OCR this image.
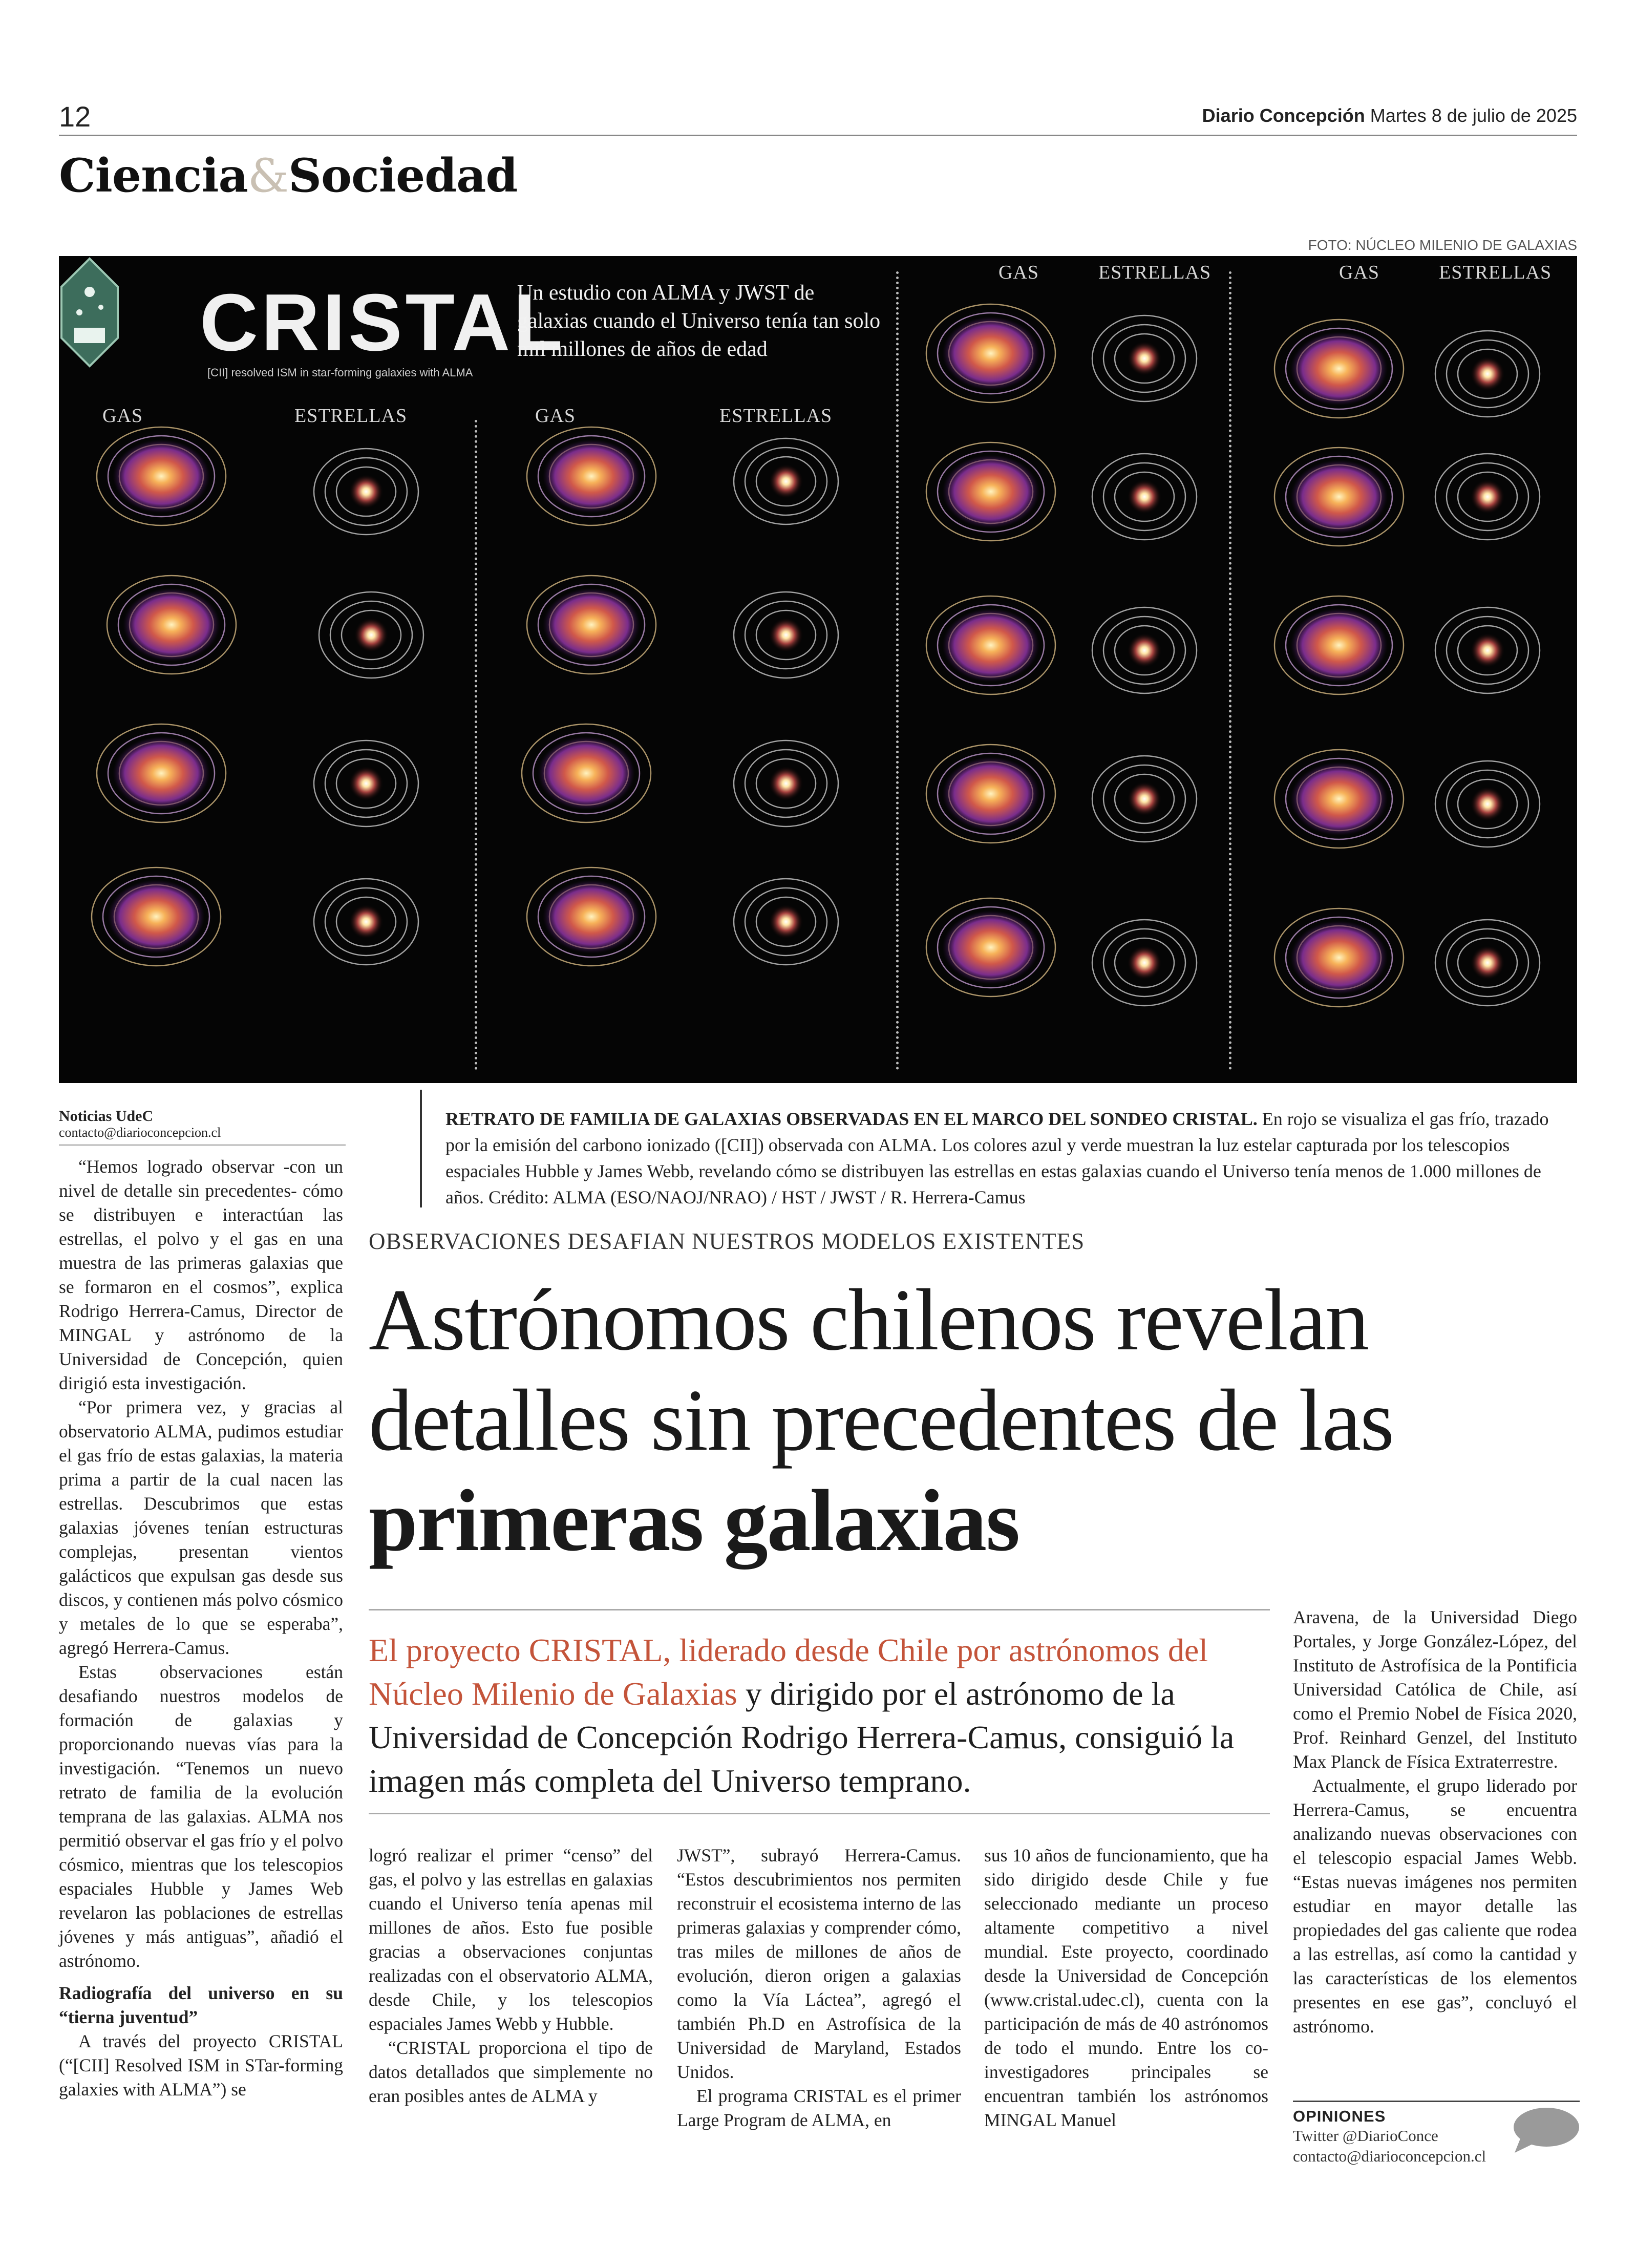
12	Diario Concepción Martes 8 de julio de 2025
Ciencia&Sociedad
FOTO: NÚCLEO MILENIO DE GALAXIAS
CRISTAL
[CII] resolved ISM in star-forming galaxies with ALMA
Un estudio con ALMA y JWST de galaxias cuando el Universo tenía tan solo mil millones de años de edad
GAS	ESTRELLAS	GAS	ESTRELLAS
GAS	ESTRELLAS	GAS	ESTRELLAS
Noticias UdeC
contacto@diarioconcepcion.cl
RETRATO DE FAMILIA DE GALAXIAS OBSERVADAS EN EL MARCO DEL SONDEO CRISTAL. En rojo se visualiza el gas frío, trazado por la emisión del carbono ionizado ([CII]) observada con ALMA. Los colores azul y verde muestran la luz estelar capturada por los telescopios espaciales Hubble y James Webb, revelando cómo se distribuyen las estrellas en estas galaxias cuando el Universo tenía menos de 1.000 millones de años. Crédito: ALMA (ESO/NAOJ/NRAO) / HST / JWST / R. Herrera-Camus

“Hemos logrado observar -con un nivel de detalle sin precedentes- cómo se distribuyen e interactúan las estrellas, el polvo y el gas en una muestra de las primeras galaxias que se formaron en el cosmos”, explica Rodrigo Herrera-Camus, Director de MINGAL y astrónomo de la Universidad de Concepción, quien dirigió esta investigación.

“Por primera vez, y gracias al observatorio ALMA, pudimos estudiar el gas frío de estas galaxias, la materia prima a partir de la cual nacen las estrellas. Descubrimos que estas galaxias jóvenes tenían estructuras complejas, presentan vientos galácticos que expulsan gas desde sus discos, y contienen más polvo cósmico y metales de lo que se esperaba”, agregó Herrera-Camus.

Estas observaciones están desafiando nuestros modelos de formación de galaxias y proporcionando nuevas vías para la investigación. “Tenemos un nuevo retrato de familia de la evolución temprana de las galaxias. ALMA nos permitió observar el gas frío y el polvo cósmico, mientras que los telescopios espaciales Hubble y James Web revelaron las poblaciones de estrellas jóvenes y más antiguas”, añadió el astrónomo.

Radiografía del universo en su “tierna juventud”

A través del proyecto CRISTAL (“[CII] Resolved ISM in STar-forming galaxies with ALMA”) se

OBSERVACIONES DESAFIAN NUESTROS MODELOS EXISTENTES
Astrónomos chilenos revelan
detalles sin precedentes de las
primeras galaxias
El proyecto CRISTAL, liderado desde Chile por astrónomos del Núcleo Milenio de Galaxias y dirigido por el astrónomo de la Universidad de Concepción Rodrigo Herrera-Camus, consiguió la imagen más completa del Universo temprano.

logró realizar el primer “censo” del gas, el polvo y las estrellas en galaxias cuando el Universo tenía apenas mil millones de años. Esto fue posible gracias a observaciones conjuntas realizadas con el observatorio ALMA, desde Chile, y los telescopios espaciales James Webb y Hubble.

“CRISTAL proporciona el tipo de datos detallados que simplemente no eran posibles antes de ALMA y

JWST”, subrayó Herrera-Camus. “Estos descubrimientos nos permiten reconstruir el ecosistema interno de las primeras galaxias y comprender cómo, tras miles de millones de años de evolución, dieron origen a galaxias como la Vía Láctea”, agregó el también Ph.D en Astrofísica de la Universidad de Maryland, Estados Unidos.

El programa CRISTAL es el primer Large Program de ALMA, en

sus 10 años de funcionamiento, que ha sido dirigido desde Chile y fue seleccionado mediante un proceso altamente competitivo a nivel mundial. Este proyecto, coordinado desde la Universidad de Concepción (www.cristal.udec.cl), cuenta con la participación de más de 40 astrónomos de todo el mundo. Entre los co-investigadores principales se encuentran también los astrónomos MINGAL Manuel

Aravena, de la Universidad Diego Portales, y Jorge González-López, del Instituto de Astrofísica de la Pontificia Universidad Católica de Chile, así como el Premio Nobel de Física 2020, Prof. Reinhard Genzel, del Instituto Max Planck de Física Extraterrestre.

Actualmente, el grupo liderado por Herrera-Camus, se encuentra analizando nuevas observaciones con el telescopio espacial James Webb. “Estas nuevas imágenes nos permiten estudiar en mayor detalle las propiedades del gas caliente que rodea a las estrellas, así como la cantidad y las características de los elementos presentes en ese gas”, concluyó el astrónomo.

OPINIONES
Twitter @DiarioConce
contacto@diarioconcepcion.cl
